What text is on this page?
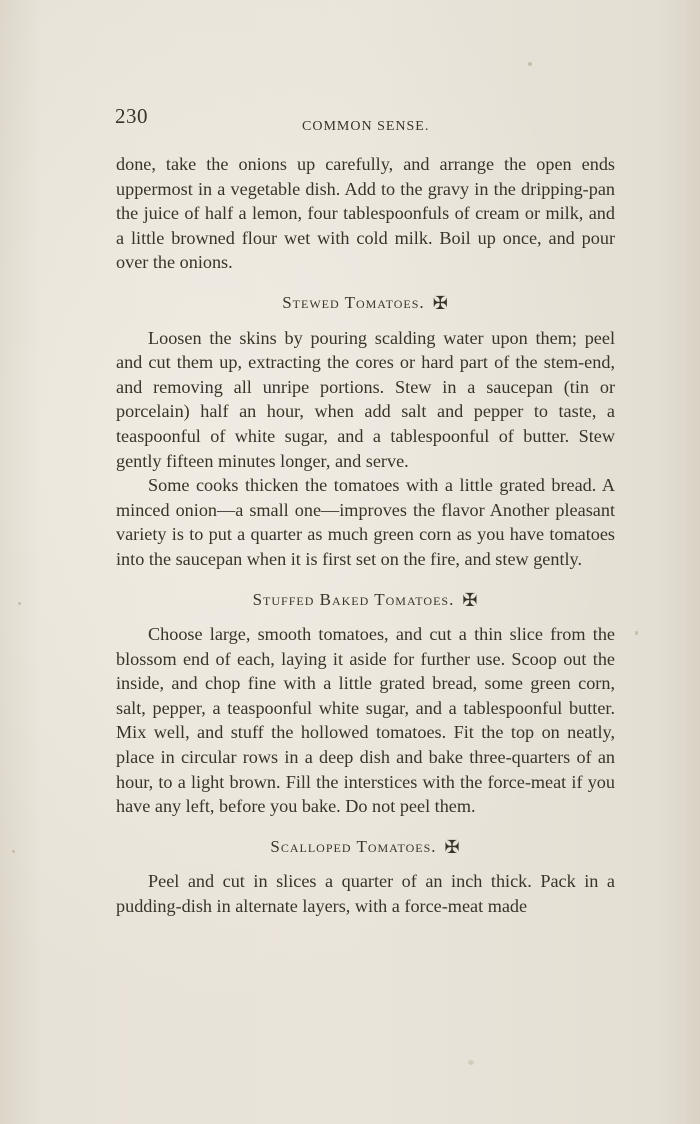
230	COMMON SENSE.

done, take the onions up carefully, and arrange the open ends uppermost in a vegetable dish. Add to the gravy in the dripping-pan the juice of half a lemon, four tablespoonfuls of cream or milk, and a little browned flour wet with cold milk. Boil up once, and pour over the onions.

Stewed Tomatoes. ✠

Loosen the skins by pouring scalding water upon them; peel and cut them up, extracting the cores or hard part of the stem-end, and removing all unripe portions. Stew in a saucepan (tin or porcelain) half an hour, when add salt and pepper to taste, a teaspoonful of white sugar, and a tablespoonful of butter. Stew gently fifteen minutes longer, and serve.

Some cooks thicken the tomatoes with a little grated bread. A minced onion—a small one—improves the flavor Another pleasant variety is to put a quarter as much green corn as you have tomatoes into the saucepan when it is first set on the fire, and stew gently.

Stuffed Baked Tomatoes. ✠

Choose large, smooth tomatoes, and cut a thin slice from the blossom end of each, laying it aside for further use. Scoop out the inside, and chop fine with a little grated bread, some green corn, salt, pepper, a teaspoonful white sugar, and a tablespoonful butter. Mix well, and stuff the hollowed tomatoes. Fit the top on neatly, place in circular rows in a deep dish and bake three-quarters of an hour, to a light brown. Fill the interstices with the force-meat if you have any left, before you bake. Do not peel them.

Scalloped Tomatoes. ✠

Peel and cut in slices a quarter of an inch thick. Pack in a pudding-dish in alternate layers, with a force-meat made
